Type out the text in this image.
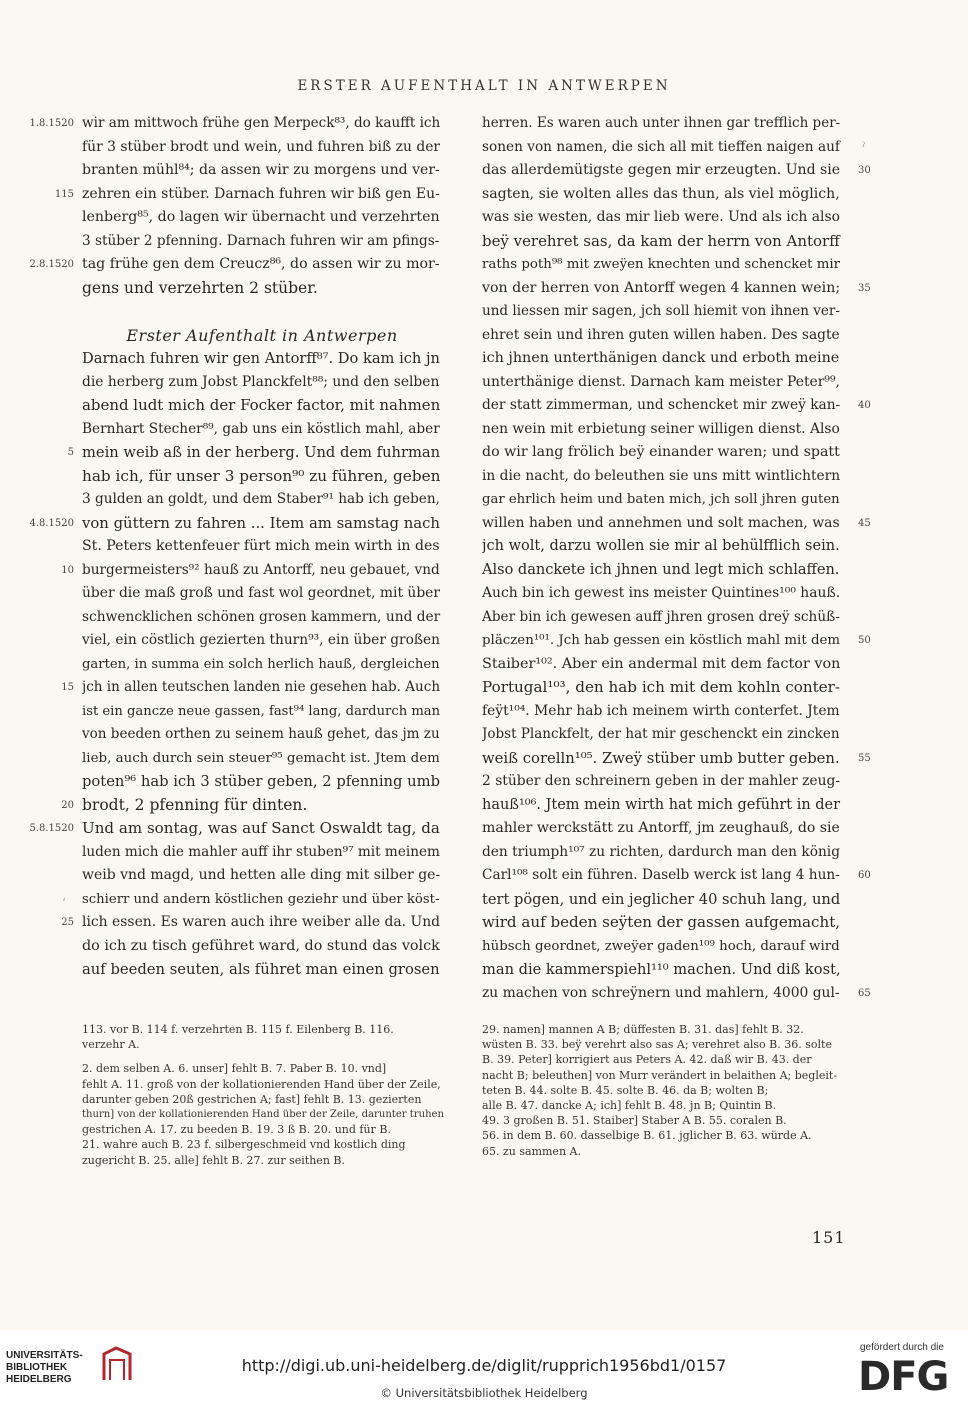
ERSTER AUFENTHALT IN ANTWERPEN
wir am mittwoch frühe gen Merpeck⁸³, do kaufft ich
für 3 stüber brodt und wein, und fuhren biß zu der
branten mühl⁸⁴; da assen wir zu morgens und ver-
zehren ein stüber. Darnach fuhren wir biß gen Eu-
lenberg⁸⁵, do lagen wir übernacht und verzehrten
3 stüber 2 pfenning. Darnach fuhren wir am pfings-
tag frühe gen dem Creucz⁸⁶, do assen wir zu mor-
gens und verzehrten 2 stüber.
Erster Aufenthalt in Antwerpen
Darnach fuhren wir gen Antorff⁸⁷. Do kam ich jn
die herberg zum Jobst Planckfelt⁸⁸; und den selben
abend ludt mich der Focker factor, mit nahmen
Bernhart Stecher⁸⁹, gab uns ein köstlich mahl, aber
mein weib aß in der herberg. Und dem fuhrman
hab ich, für unser 3 person⁹⁰ zu führen, geben
3 gulden an goldt, und dem Staber⁹¹ hab ich geben,
von güttern zu fahren ... Item am samstag nach
St. Peters kettenfeuer fürt mich mein wirth in des
burgermeisters⁹² hauß zu Antorff, neu gebauet, vnd
über die maß groß und fast wol geordnet, mit über
schwencklichen schönen grosen kammern, und der
viel, ein cöstlich gezierten thurn⁹³, ein über großen
garten, in summa ein solch herlich hauß, dergleichen
jch in allen teutschen landen nie gesehen hab. Auch
ist ein gancze neue gassen, fast⁹⁴ lang, dardurch man
von beeden orthen zu seinem hauß gehet, das jm zu
lieb, auch durch sein steuer⁹⁵ gemacht ist. Jtem dem
poten⁹⁶ hab ich 3 stüber geben, 2 pfenning umb
brodt, 2 pfenning für dinten.
Und am sontag, was auf Sanct Oswaldt tag, da
luden mich die mahler auff ihr stuben⁹⁷ mit meinem
weib vnd magd, und hetten alle ding mit silber ge-
schierr und andern köstlichen geziehr und über köst-
lich essen. Es waren auch ihre weiber alle da. Und
do ich zu tisch geführet ward, do stund das volck
auf beeden seuten, als führet man einen grosen
herren. Es waren auch unter ihnen gar trefflich per-
sonen von namen, die sich all mit tieffen naigen auf
das allerdemütigste gegen mir erzeugten. Und sie
sagten, sie wolten alles das thun, als viel möglich,
was sie westen, das mir lieb were. Und als ich also
beÿ verehret sas, da kam der herrn von Antorff
raths poth⁹⁸ mit zweÿen knechten und schencket mir
von der herren von Antorff wegen 4 kannen wein;
und liessen mir sagen, jch soll hiemit von ihnen ver-
ehret sein und ihren guten willen haben. Des sagte
ich jhnen unterthänigen danck und erboth meine
unterthänige dienst. Darnach kam meister Peter⁹⁹,
der statt zimmerman, und schencket mir zweÿ kan-
nen wein mit erbietung seiner willigen dienst. Also
do wir lang frölich beÿ einander waren; und spatt
in die nacht, do beleuthen sie uns mitt wintlichtern
gar ehrlich heim und baten mich, jch soll jhren guten
willen haben und annehmen und solt machen, was
jch wolt, darzu wollen sie mir al behülfflich sein.
Also danckete ich jhnen und legt mich schlaffen.
Auch bin ich gewest ins meister Quintines¹⁰⁰ hauß.
Aber bin ich gewesen auff jhren grosen dreÿ schüß-
pläczen¹⁰¹. Jch hab gessen ein köstlich mahl mit dem
Staiber¹⁰². Aber ein andermal mit dem factor von
Portugal¹⁰³, den hab ich mit dem kohln conter-
feÿt¹⁰⁴. Mehr hab ich meinem wirth conterfet. Jtem
Jobst Planckfelt, der hat mir geschenckt ein zincken
weiß corelln¹⁰⁵. Zweÿ stüber umb butter geben.
2 stüber den schreinern geben in der mahler zeug-
hauß¹⁰⁶. Jtem mein wirth hat mich geführt in der
mahler werckstätt zu Antorff, jm zeughauß, do sie
den triumph¹⁰⁷ zu richten, dardurch man den könig
Carl¹⁰⁸ solt ein führen. Daselb werck ist lang 4 hun-
tert pögen, und ein jeglicher 40 schuh lang, und
wird auf beden seÿten der gassen aufgemacht,
hübsch geordnet, zweÿer gaden¹⁰⁹ hoch, darauf wird
man die kammerspiehl¹¹⁰ machen. Und diß kost,
zu machen von schreÿnern und mahlern, 4000 gul-
1.8.1520
115
2.8.1520
5
4.8.1520
10
15
20
5.8.1520
25
30
35
40
45
50
55
60
65
113. vor B. 114 f. verzehrten B. 115 f. Eilenberg B. 116.
verzehr A.
2. dem selben A. 6. unser] fehlt B. 7. Paber B. 10. vnd]
fehlt A. 11. groß von der kollationierenden Hand über der Zeile,
darunter geben 20ß gestrichen A; fast] fehlt B. 13. gezierten
thurn] von der kollationierenden Hand über der Zeile, darunter truhen
gestrichen A. 17. zu beeden B. 19. 3 ß B. 20. und für B.
21. wahre auch B. 23 f. silbergeschmeid vnd kostlich ding
zugericht B. 25. alle] fehlt B. 27. zur seithen B.
29. namen] mannen A B; düffesten B. 31. das] fehlt B. 32.
wüsten B. 33. beÿ verehrt also sas A; verehret also B. 36. solte
B. 39. Peter] korrigiert aus Peters A. 42. daß wir B. 43. der
nacht B; beleuthen] von Murr verändert in belaithen A; begleit-
teten B. 44. solte B. 45. solte B. 46. da B; wolten B;
alle B. 47. dancke A; ich] fehlt B. 48. jn B; Quintin B.
49. 3 großen B. 51. Staiber] Staber A B. 55. coralen B.
56. in dem B. 60. dasselbige B. 61. jglicher B. 63. würde A.
65. zu sammen A.
151
ˀ
ʻ
UNIVERSITÄTS-
BIBLIOTHEK
HEIDELBERG
http://digi.ub.uni-heidelberg.de/diglit/rupprich1956bd1/0157
© Universitätsbibliothek Heidelberg
gefördert durch die
DFG
